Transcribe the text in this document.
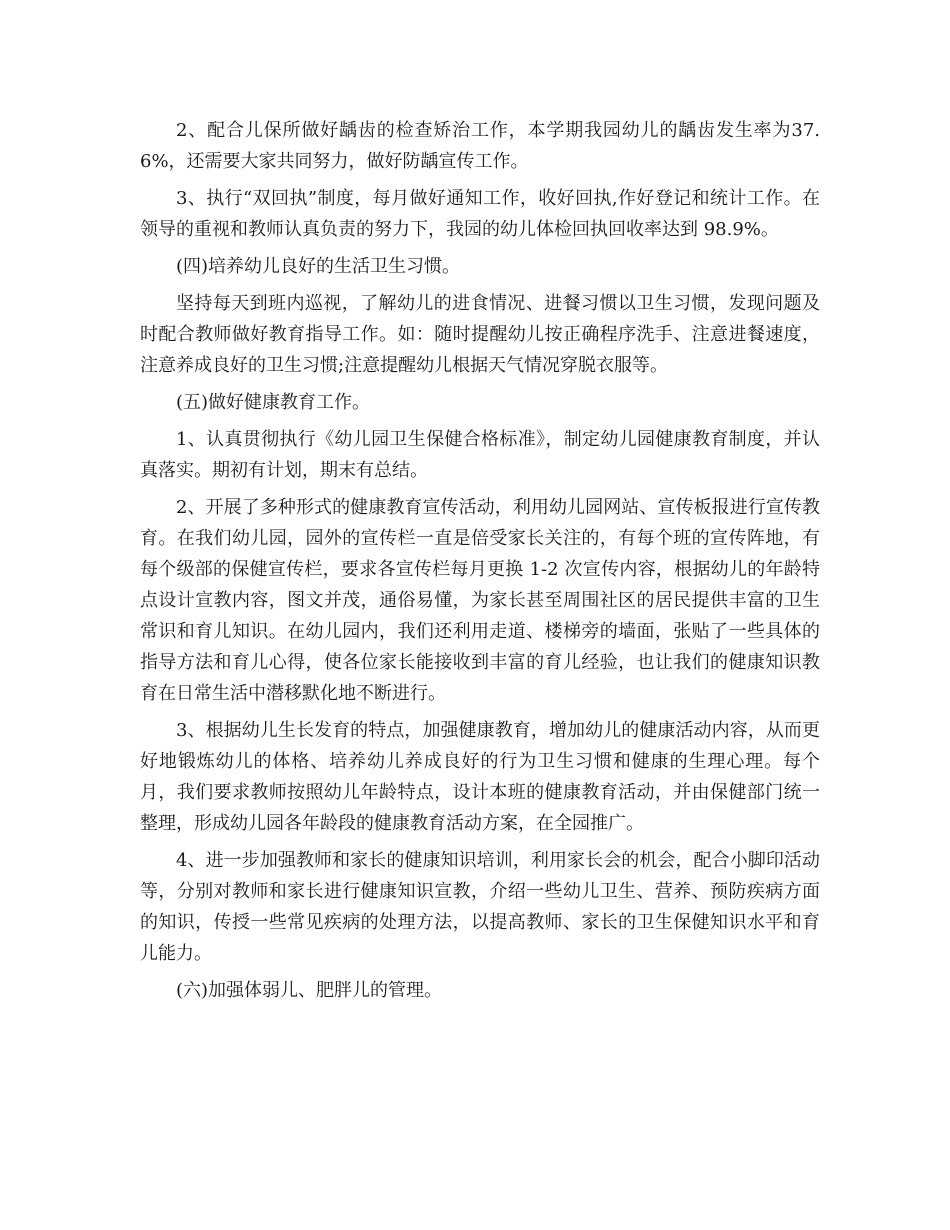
2、配合儿保所做好龋齿的检查矫治工作，本学期我园幼儿的龋齿发生率为37.6%，还需要大家共同努力，做好防龋宣传工作。

3、执行“双回执”制度，每月做好通知工作，收好回执,作好登记和统计工作。在领导的重视和教师认真负责的努力下，我园的幼儿体检回执回收率达到 98.9%。

(四)培养幼儿良好的生活卫生习惯。

坚持每天到班内巡视，了解幼儿的进食情况、进餐习惯以卫生习惯，发现问题及时配合教师做好教育指导工作。如：随时提醒幼儿按正确程序洗手、注意进餐速度，注意养成良好的卫生习惯;注意提醒幼儿根据天气情况穿脱衣服等。

(五)做好健康教育工作。

1、认真贯彻执行《幼儿园卫生保健合格标准》，制定幼儿园健康教育制度，并认真落实。期初有计划，期末有总结。

2、开展了多种形式的健康教育宣传活动，利用幼儿园网站、宣传板报进行宣传教育。在我们幼儿园，园外的宣传栏一直是倍受家长关注的，有每个班的宣传阵地，有每个级部的保健宣传栏，要求各宣传栏每月更换 1-2 次宣传内容，根据幼儿的年龄特点设计宣教内容，图文并茂，通俗易懂，为家长甚至周围社区的居民提供丰富的卫生常识和育儿知识。在幼儿园内，我们还利用走道、楼梯旁的墙面，张贴了一些具体的指导方法和育儿心得，使各位家长能接收到丰富的育儿经验，也让我们的健康知识教育在日常生活中潜移默化地不断进行。

3、根据幼儿生长发育的特点，加强健康教育，增加幼儿的健康活动内容，从而更好地锻炼幼儿的体格、培养幼儿养成良好的行为卫生习惯和健康的生理心理。每个月，我们要求教师按照幼儿年龄特点，设计本班的健康教育活动，并由保健部门统一整理，形成幼儿园各年龄段的健康教育活动方案，在全园推广。

4、进一步加强教师和家长的健康知识培训，利用家长会的机会，配合小脚印活动等，分别对教师和家长进行健康知识宣教，介绍一些幼儿卫生、营养、预防疾病方面的知识，传授一些常见疾病的处理方法，以提高教师、家长的卫生保健知识水平和育儿能力。

(六)加强体弱儿、肥胖儿的管理。
